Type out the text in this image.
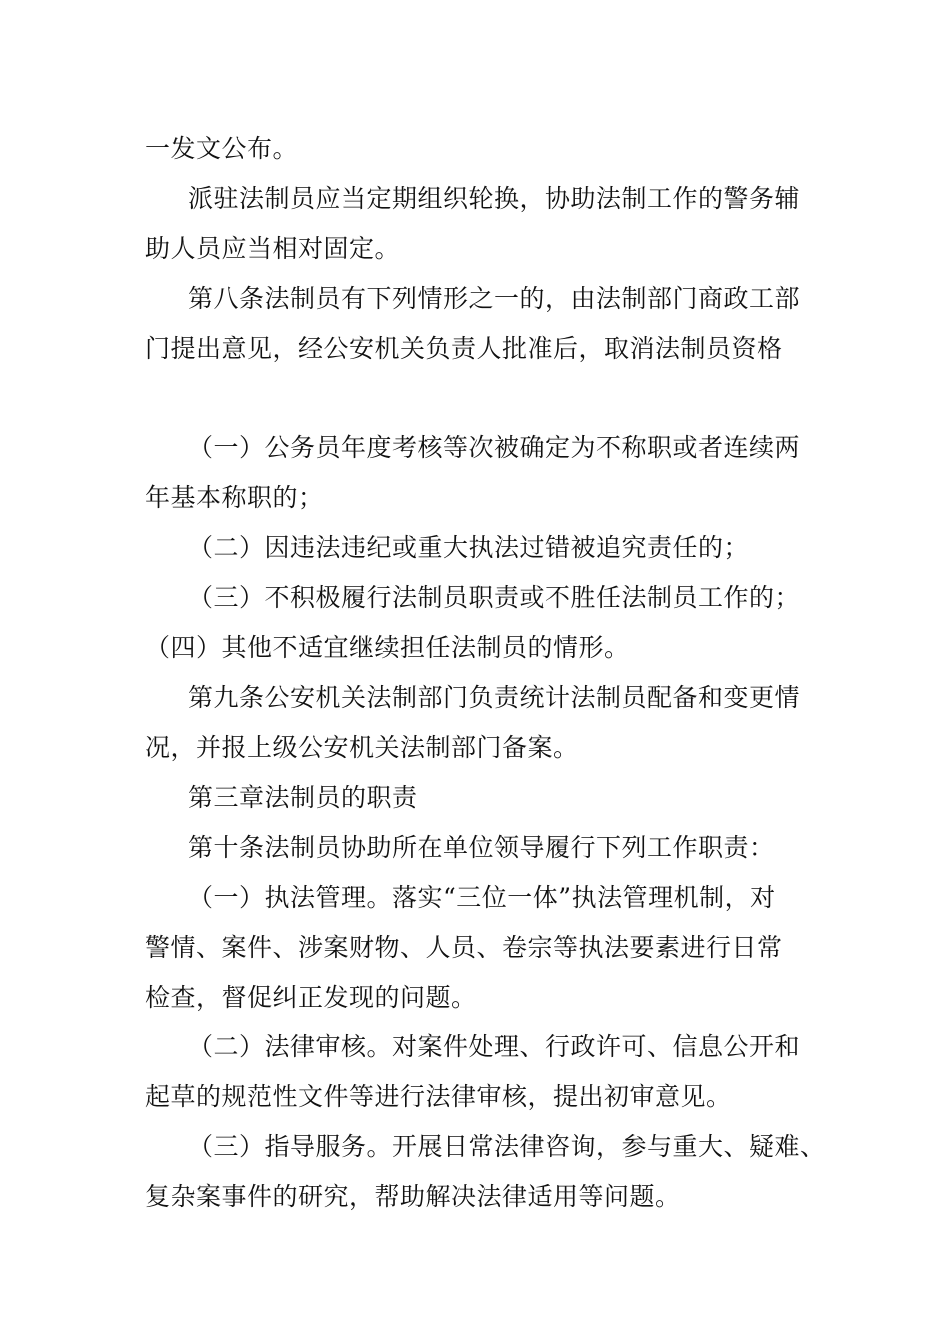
一发文公布。
派驻法制员应当定期组织轮换，协助法制工作的警务辅
助人员应当相对固定。
第八条法制员有下列情形之一的，由法制部门商政工部
门提出意见，经公安机关负责人批准后，取消法制员资格
（一）公务员年度考核等次被确定为不称职或者连续两
年基本称职的；
（二）因违法违纪或重大执法过错被追究责任的；
（三）不积极履行法制员职责或不胜任法制员工作的；
（四）其他不适宜继续担任法制员的情形。
第九条公安机关法制部门负责统计法制员配备和变更情
况，并报上级公安机关法制部门备案。
第三章法制员的职责
第十条法制员协助所在单位领导履行下列工作职责：
（一）执法管理。落实“三位一体”执法管理机制，对
警情、案件、涉案财物、人员、卷宗等执法要素进行日常
检查，督促纠正发现的问题。
（二）法律审核。对案件处理、行政许可、信息公开和
起草的规范性文件等进行法律审核，提出初审意见。
（三）指导服务。开展日常法律咨询，参与重大、疑难、
复杂案事件的研究，帮助解决法律适用等问题。
